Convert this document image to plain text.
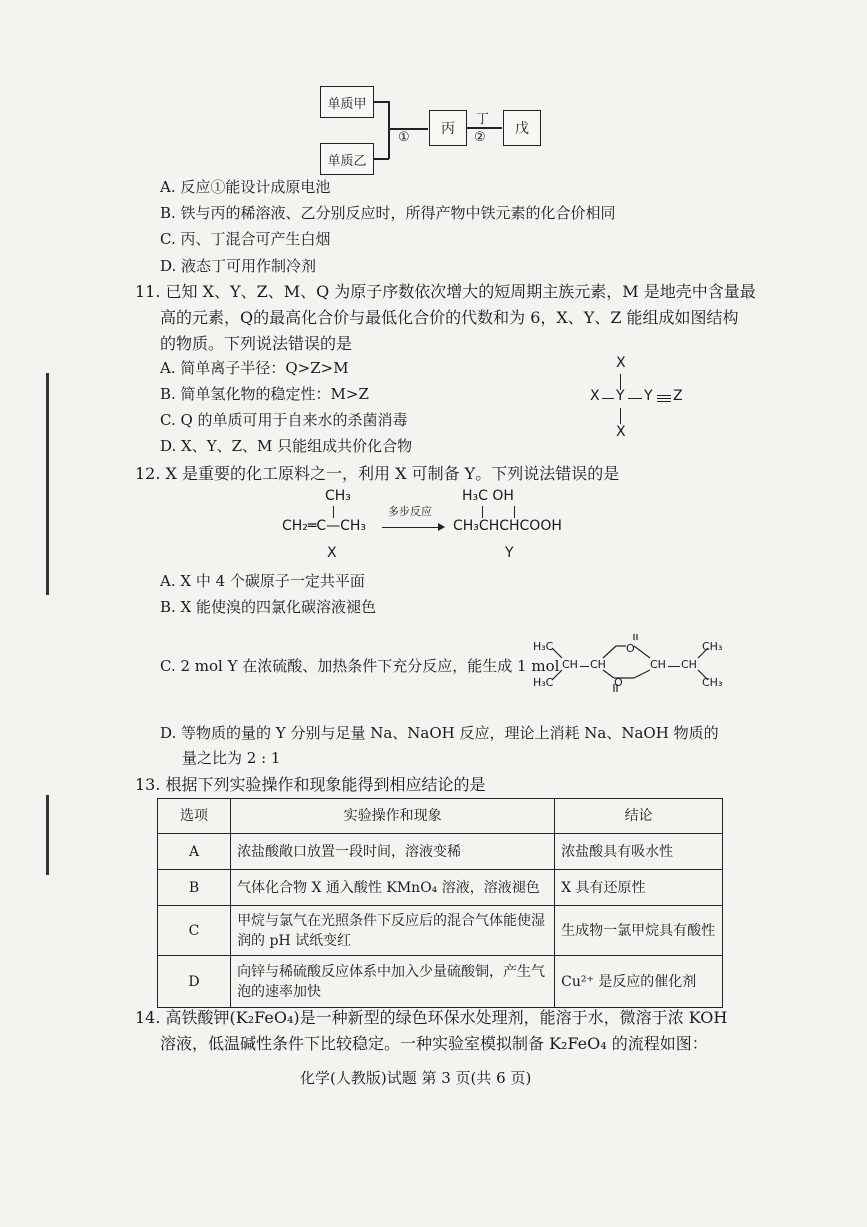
单质甲
单质乙
①
丙
丁
②
戊
A. 反应①能设计成原电池
B. 铁与丙的稀溶液、乙分别反应时，所得产物中铁元素的化合价相同
C. 丙、丁混合可产生白烟
D. 液态丁可用作制冷剂
11. 已知 X、Y、Z、M、Q 为原子序数依次增大的短周期主族元素，M 是地壳中含量最
高的元素，Q的最高化合价与最低化合价的代数和为 6，X、Y、Z 能组成如图结构
的物质。下列说法错误的是
A. 简单离子半径：Q>Z>M
B. 简单氢化物的稳定性：M>Z
C. Q 的单质可用于自来水的杀菌消毒
D. X、Y、Z、M 只能组成共价化合物
X
X Y Y Z
X
12. X 是重要的化工原料之一，利用 X 可制备 Y。下列说法错误的是
CH₃
CH₂═C—CH₃
X
多步反应
H₃C OH
CH₃CHCHCOOH
Y
A. X 中 4 个碳原子一定共平面
B. X 能使溴的四氯化碳溶液褪色
C. 2 mol Y 在浓硫酸、加热条件下充分反应，能生成 1 mol
H₃C
H₃C
CH CH
O
O
CH CH
CH₃
CH₃
D. 等物质的量的 Y 分别与足量 Na、NaOH 反应，理论上消耗 Na、NaOH 物质的
量之比为 2 : 1
13. 根据下列实验操作和现象能得到相应结论的是
选项	实验操作和现象	结论
A	浓盐酸敞口放置一段时间，溶液变稀	浓盐酸具有吸水性
B	气体化合物 X 通入酸性 KMnO₄ 溶液，溶液褪色	X 具有还原性
C	甲烷与氯气在光照条件下反应后的混合气体能使湿润的 pH 试纸变红	生成物一氯甲烷具有酸性
D	向锌与稀硫酸反应体系中加入少量硫酸铜，产生气泡的速率加快	Cu²⁺ 是反应的催化剂
14. 高铁酸钾(K₂FeO₄)是一种新型的绿色环保水处理剂，能溶于水，微溶于浓 KOH
溶液，低温碱性条件下比较稳定。一种实验室模拟制备 K₂FeO₄ 的流程如图：
化学(人教版)试题 第 3 页(共 6 页)
